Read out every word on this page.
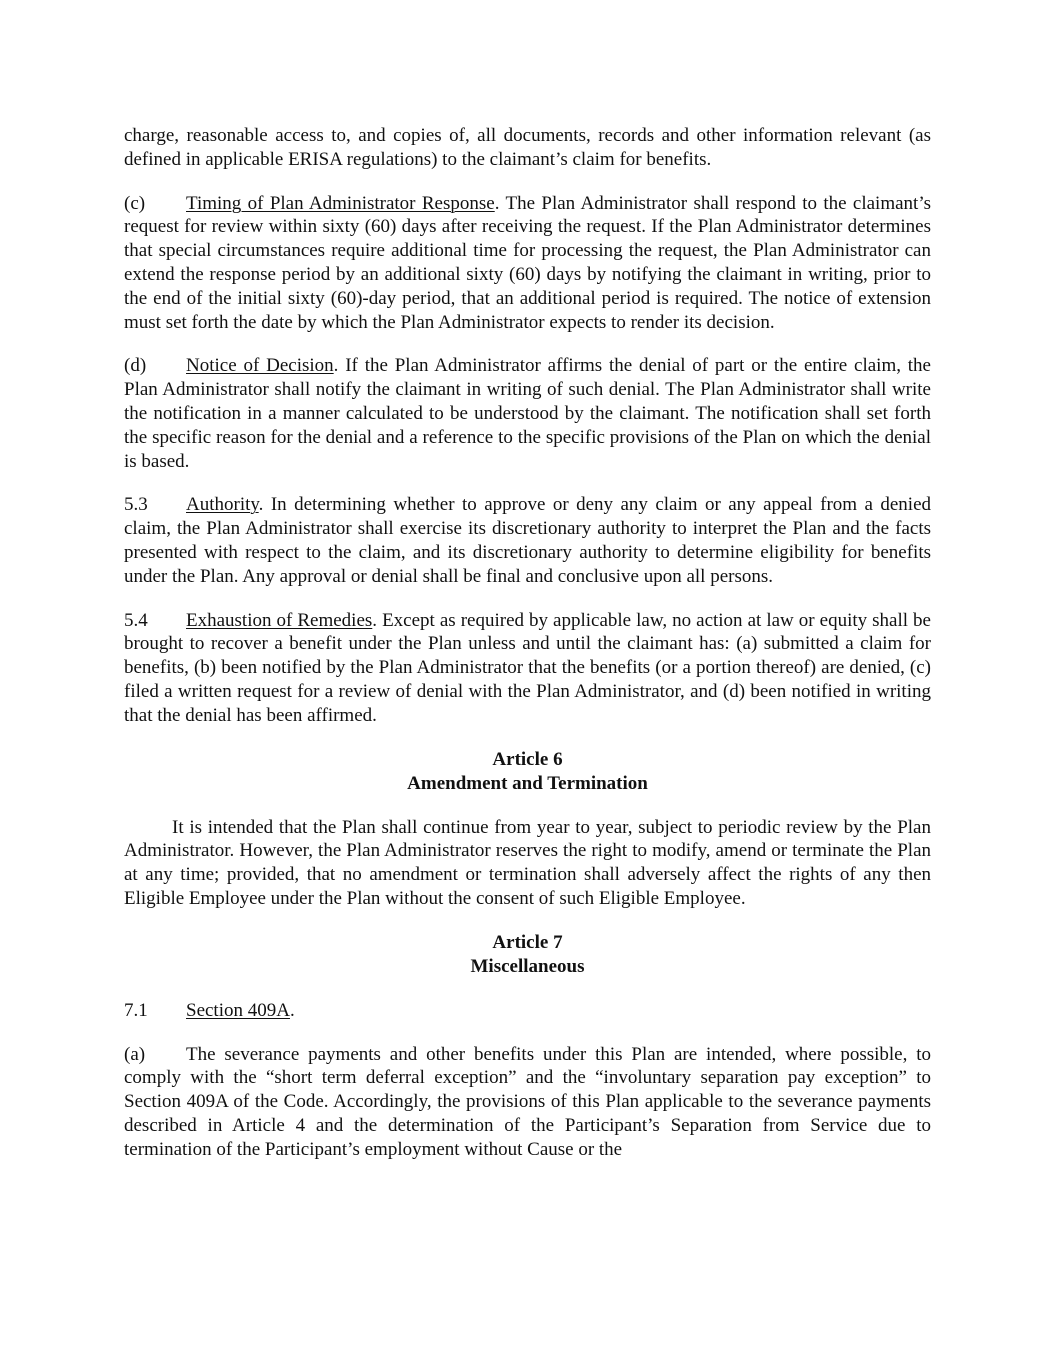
charge, reasonable access to, and copies of, all documents, records and other information relevant (as defined in applicable ERISA regulations) to the claimant’s claim for benefits.

(c) Timing of Plan Administrator Response. The Plan Administrator shall respond to the claimant’s request for review within sixty (60) days after receiving the request. If the Plan Administrator determines that special circumstances require additional time for processing the request, the Plan Administrator can extend the response period by an additional sixty (60) days by notifying the claimant in writing, prior to the end of the initial sixty (60)-day period, that an additional period is required. The notice of extension must set forth the date by which the Plan Administrator expects to render its decision.

(d) Notice of Decision. If the Plan Administrator affirms the denial of part or the entire claim, the Plan Administrator shall notify the claimant in writing of such denial. The Plan Administrator shall write the notification in a manner calculated to be understood by the claimant. The notification shall set forth the specific reason for the denial and a reference to the specific provisions of the Plan on which the denial is based.

5.3 Authority. In determining whether to approve or deny any claim or any appeal from a denied claim, the Plan Administrator shall exercise its discretionary authority to interpret the Plan and the facts presented with respect to the claim, and its discretionary authority to determine eligibility for benefits under the Plan. Any approval or denial shall be final and conclusive upon all persons.

5.4 Exhaustion of Remedies. Except as required by applicable law, no action at law or equity shall be brought to recover a benefit under the Plan unless and until the claimant has: (a) submitted a claim for benefits, (b) been notified by the Plan Administrator that the benefits (or a portion thereof) are denied, (c) filed a written request for a review of denial with the Plan Administrator, and (d) been notified in writing that the denial has been affirmed.

Article 6
Amendment and Termination

It is intended that the Plan shall continue from year to year, subject to periodic review by the Plan Administrator. However, the Plan Administrator reserves the right to modify, amend or terminate the Plan at any time; provided, that no amendment or termination shall adversely affect the rights of any then Eligible Employee under the Plan without the consent of such Eligible Employee.

Article 7
Miscellaneous

7.1 Section 409A.

(a) The severance payments and other benefits under this Plan are intended, where possible, to comply with the “short term deferral exception” and the “involuntary separation pay exception” to Section 409A of the Code. Accordingly, the provisions of this Plan applicable to the severance payments described in Article 4 and the determination of the Participant’s Separation from Service due to termination of the Participant’s employment without Cause or the
